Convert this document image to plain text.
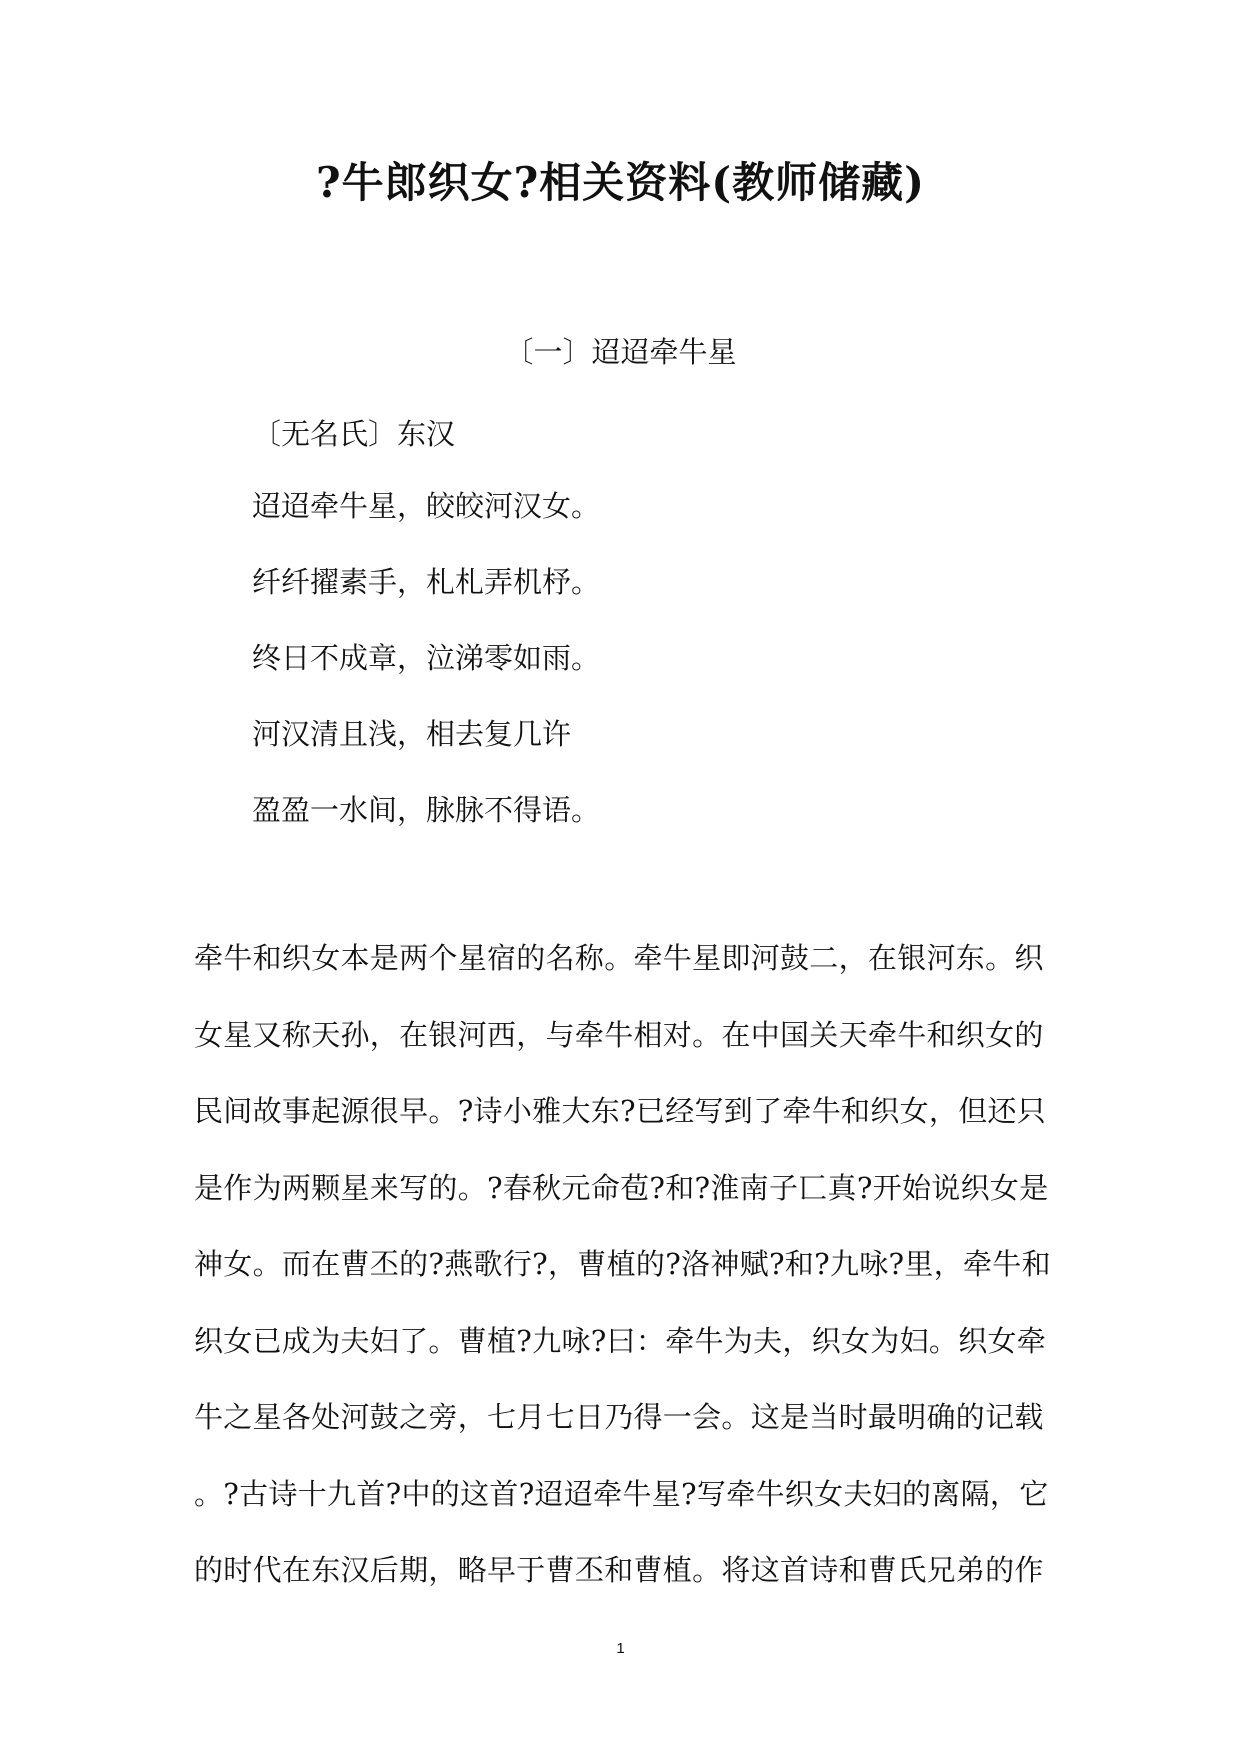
?牛郎织女?相关资料(教师储藏)
〔一〕迢迢牵牛星
〔无名氏〕东汉
迢迢牵牛星，皎皎河汉女。
纤纤擢素手，札札弄机杼。
终日不成章，泣涕零如雨。
河汉清且浅，相去复几许
盈盈一水间，脉脉不得语。
牵牛和织女本是两个星宿的名称。牵牛星即河鼓二，在银河东。织
女星又称天孙，在银河西，与牵牛相对。在中国关天牵牛和织女的
民间故事起源很早。?诗小雅大东?已经写到了牵牛和织女，但还只
是作为两颗星来写的。?春秋元命苞?和?淮南子匸真?开始说织女是
神女。而在曹丕的?燕歌行?，曹植的?洛神赋?和?九咏?里，牵牛和
织女已成为夫妇了。曹植?九咏?曰：牵牛为夫，织女为妇。织女牵
牛之星各处河鼓之旁，七月七日乃得一会。这是当时最明确的记载
。?古诗十九首?中的这首?迢迢牵牛星?写牵牛织女夫妇的离隔，它
的时代在东汉后期，略早于曹丕和曹植。将这首诗和曹氏兄弟的作
1
